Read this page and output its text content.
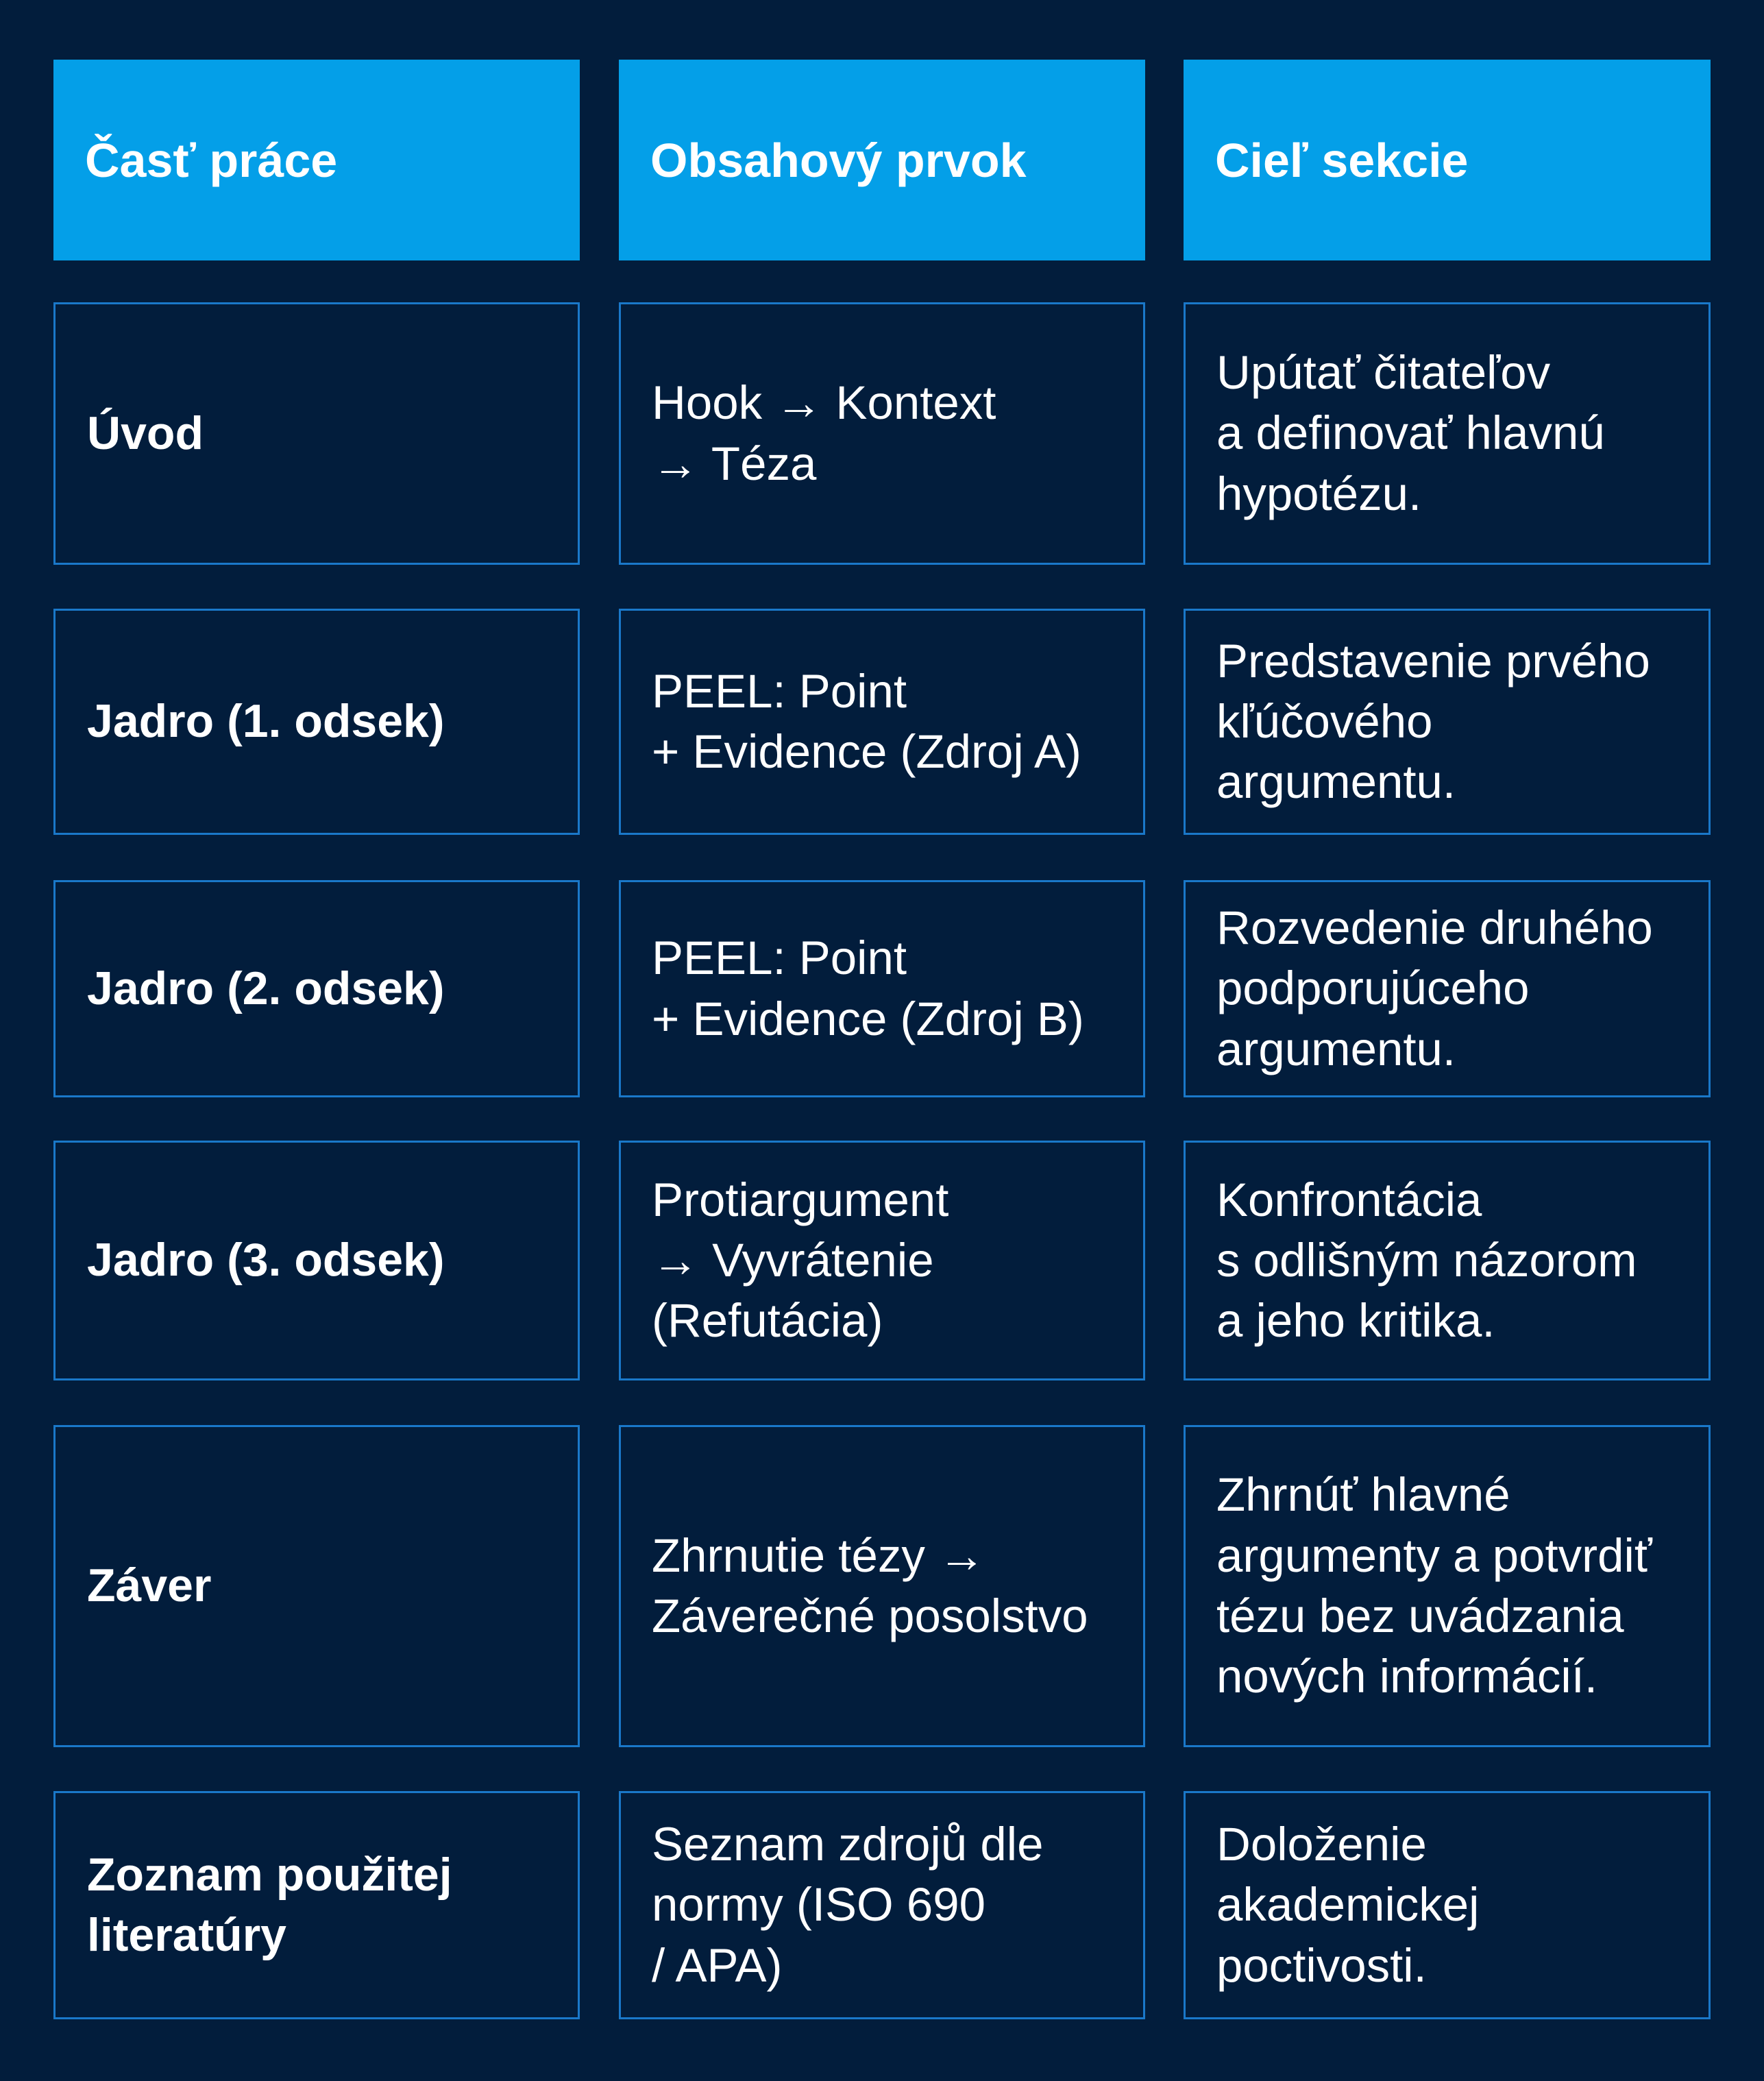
Časť práce	Obsahový prvok	Cieľ sekcie
Úvod
Hook → Kontext
→ Téza
Upútať čitateľov
a definovať hlavnú
hypotézu.
Jadro (1. odsek)
PEEL: Point
+ Evidence (Zdroj A)
Predstavenie prvého
kľúčového
argumentu.
Jadro (2. odsek)
PEEL: Point
+ Evidence (Zdroj B)
Rozvedenie druhého
podporujúceho
argumentu.
Jadro (3. odsek)
Protiargument
→ Vyvrátenie
(Refutácia)
Konfrontácia
s odlišným názorom
a jeho kritika.
Záver
Zhrnutie tézy →
Záverečné posolstvo
Zhrnúť hlavné
argumenty a potvrdiť
tézu bez uvádzania
nových informácií.
Zoznam použitej
literatúry
Seznam zdrojů dle
normy (ISO 690
/ APA)
Doloženie
akademickej
poctivosti.
